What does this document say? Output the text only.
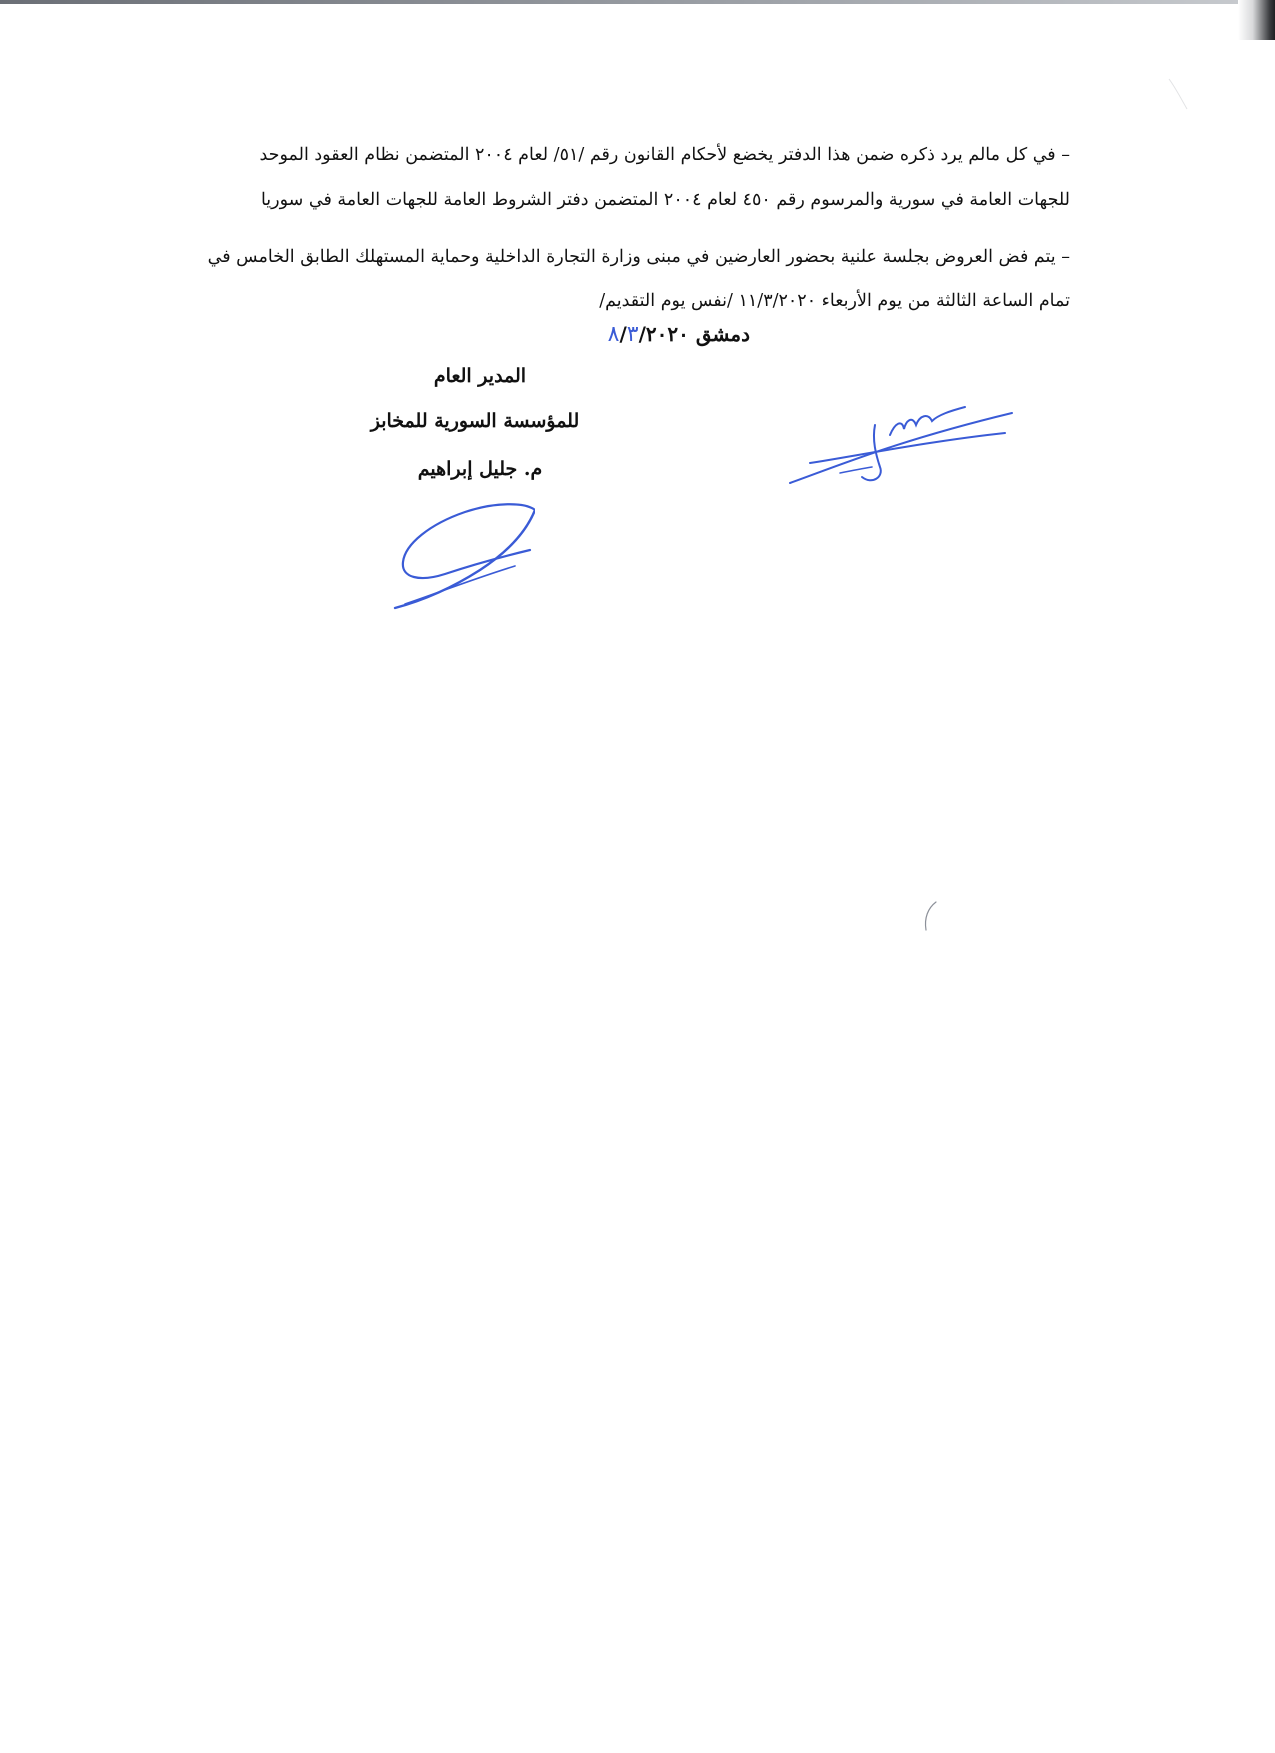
– في كل مالم يرد ذكره ضمن هذا الدفتر يخضع لأحكام القانون رقم /٥١/ لعام ٢٠٠٤ المتضمن نظام العقود الموحد
للجهات العامة في سورية والمرسوم رقم ٤٥٠ لعام ٢٠٠٤ المتضمن دفتر الشروط العامة للجهات العامة في سوريا
– يتم فض العروض بجلسة علنية بحضور العارضين في مبنى وزارة التجارة الداخلية وحماية المستهلك الطابق الخامس في
تمام الساعة الثالثة من يوم الأربعاء ١١/٣/٢٠٢٠ /نفس يوم التقديم/
دمشق ٨/٣/٢٠٢٠
المدير العام
للمؤسسة السورية للمخابز
م. جليل إبراهيم
